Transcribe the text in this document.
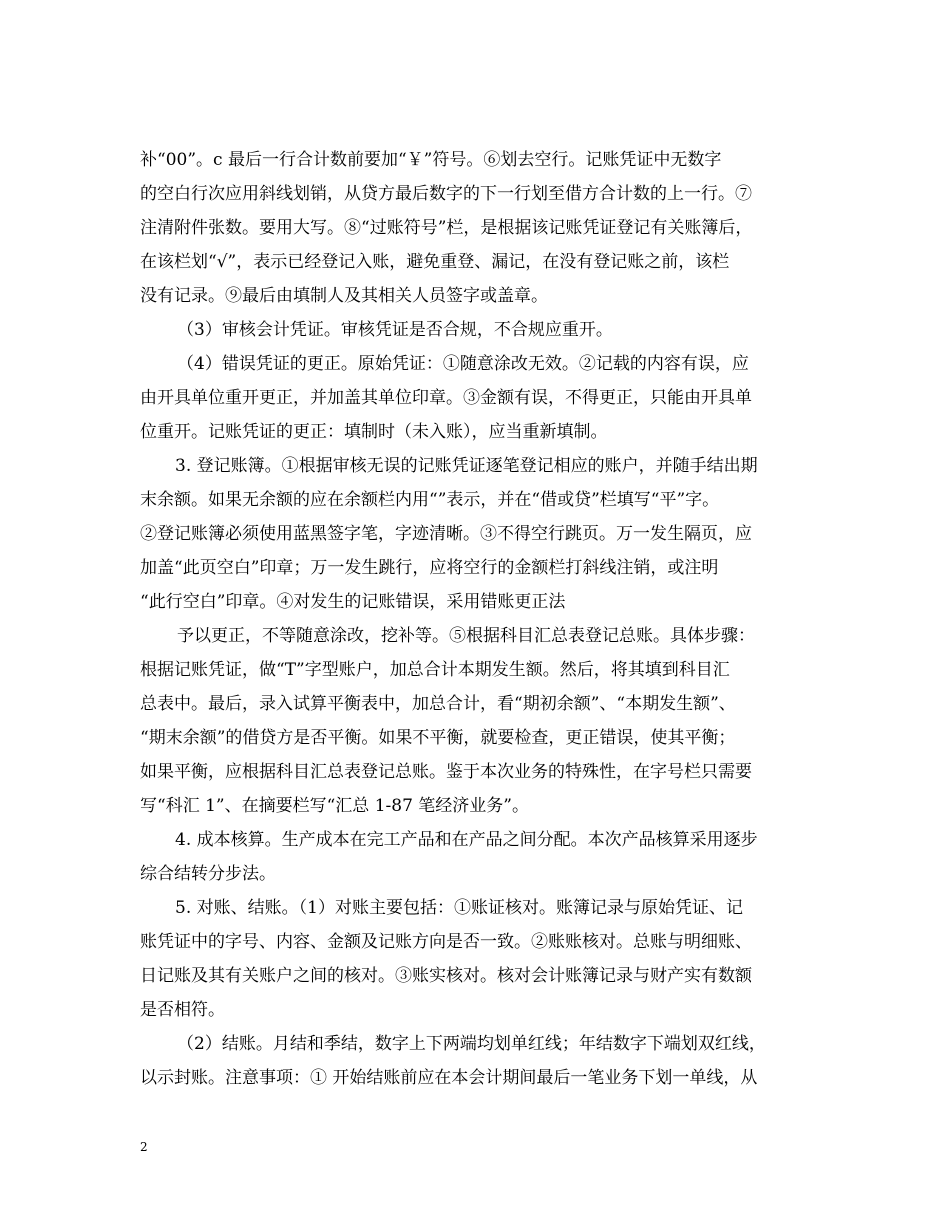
补“00”。c 最后一行合计数前要加“￥”符号。⑥划去空行。记账凭证中无数字
的空白行次应用斜线划销，从贷方最后数字的下一行划至借方合计数的上一行。⑦
注清附件张数。要用大写。⑧“过账符号”栏，是根据该记账凭证登记有关账簿后，
在该栏划“√”，表示已经登记入账，避免重登、漏记，在没有登记账之前，该栏
没有记录。⑨最后由填制人及其相关人员签字或盖章。
（3）审核会计凭证。审核凭证是否合规，不合规应重开。
（4）错误凭证的更正。原始凭证：①随意涂改无效。②记载的内容有误，应
由开具单位重开更正，并加盖其单位印章。③金额有误，不得更正，只能由开具单
位重开。记账凭证的更正：填制时（未入账），应当重新填制。
3. 登记账簿。①根据审核无误的记账凭证逐笔登记相应的账户，并随手结出期
末余额。如果无余额的应在余额栏内用“”表示，并在“借或贷”栏填写“平”字。
②登记账簿必须使用蓝黑签字笔，字迹清晰。③不得空行跳页。万一发生隔页，应
加盖“此页空白”印章；万一发生跳行，应将空行的金额栏打斜线注销，或注明
“此行空白”印章。④对发生的记账错误，采用错账更正法
予以更正，不等随意涂改，挖补等。⑤根据科目汇总表登记总账。具体步骤：
根据记账凭证，做“T”字型账户，加总合计本期发生额。然后，将其填到科目汇
总表中。最后，录入试算平衡表中，加总合计，看“期初余额”、“本期发生额”、
“期末余额”的借贷方是否平衡。如果不平衡，就要检查，更正错误，使其平衡；
如果平衡，应根据科目汇总表登记总账。鉴于本次业务的特殊性，在字号栏只需要
写“科汇 1”、在摘要栏写“汇总 1-87 笔经济业务”。
4. 成本核算。生产成本在完工产品和在产品之间分配。本次产品核算采用逐步
综合结转分步法。
5. 对账、结账。（1）对账主要包括：①账证核对。账簿记录与原始凭证、记
账凭证中的字号、内容、金额及记账方向是否一致。②账账核对。总账与明细账、
日记账及其有关账户之间的核对。③账实核对。核对会计账簿记录与财产实有数额
是否相符。
（2）结账。月结和季结，数字上下两端均划单红线；年结数字下端划双红线，
以示封账。注意事项：① 开始结账前应在本会计期间最后一笔业务下划一单线，从
2
